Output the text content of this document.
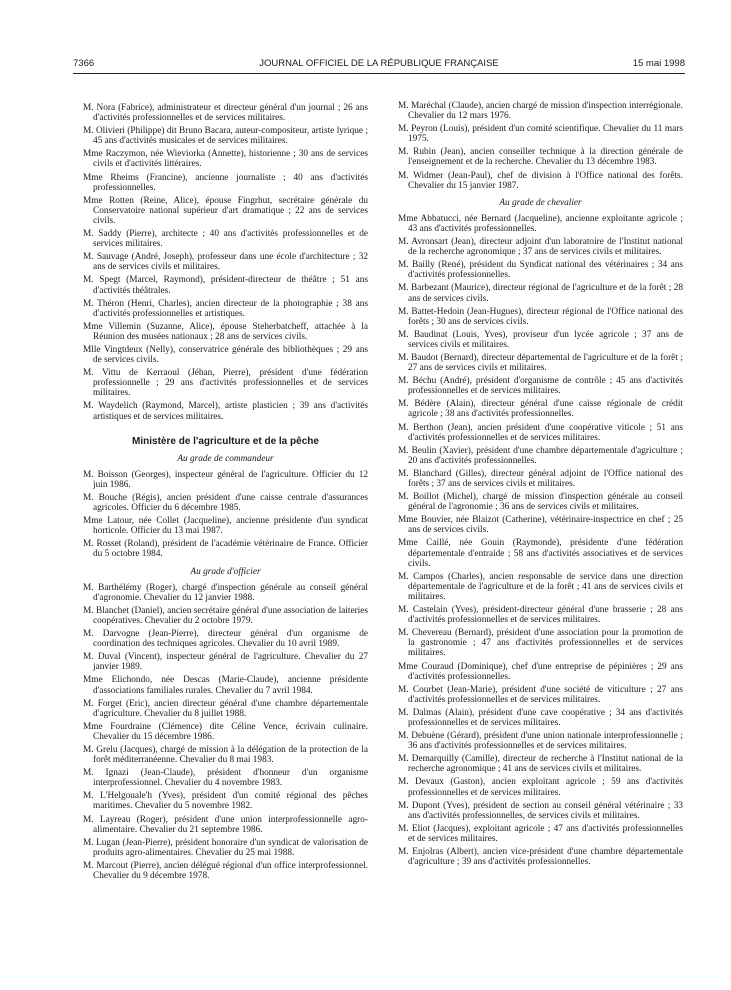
7366	JOURNAL OFFICIEL DE LA RÉPUBLIQUE FRANÇAISE	15 mai 1998

M. Nora (Fabrice), administrateur et directeur général d'un journal ; 26 ans d'activités professionnelles et de services militaires.

M. Olivieri (Philippe) dit Bruno Bacara, auteur-compositeur, artiste lyrique ; 45 ans d'activités musicales et de services militaires.

Mme Raczymon, née Wieviorka (Annette), historienne ; 30 ans de services civils et d'activités littéraires.

Mme Rheims (Francine), ancienne journaliste ; 40 ans d'activités professionnelles.

Mme Rotten (Reine, Alice), épouse Fingrhut, secrétaire générale du Conservatoire national supérieur d'art dramatique ; 22 ans de services civils.

M. Saddy (Pierre), architecte ; 40 ans d'activités professionnelles et de services militaires.

M. Sauvage (André, Joseph), professeur dans une école d'architecture ; 32 ans de services civils et militaires.

M. Spegt (Marcel, Raymond), président-directeur de théâtre ; 51 ans d'activités théâtrales.

M. Théron (Henri, Charles), ancien directeur de la photographie ; 38 ans d'activités professionnelles et artistiques.

Mme Villemin (Suzanne, Alice), épouse Steherbatcheff, attachée à la Réunion des musées nationaux ; 28 ans de services civils.

Mlle Vingtdeux (Nelly), conservatrice générale des bibliothèques ; 29 ans de services civils.

M. Vittu de Kerraoul (Jéhan, Pierre), président d'une fédération professionnelle ; 29 ans d'activités professionnelles et de services militaires.

M. Waydelich (Raymond, Marcel), artiste plasticien ; 39 ans d'activités artistiques et de services militaires.

Ministère de l'agriculture et de la pêche
Au grade de commandeur

M. Boisson (Georges), inspecteur général de l'agriculture. Officier du 12 juin 1986.

M. Bouche (Régis), ancien président d'une caisse centrale d'assurances agricoles. Officier du 6 décembre 1985.

Mme Latour, née Collet (Jacqueline), ancienne présidente d'un syndicat horticole. Officier du 13 mai 1987.

M. Rosset (Roland), président de l'académie vétérinaire de France. Officier du 5 octobre 1984.

Au grade d'officier

M. Barthélémy (Roger), chargé d'inspection générale au conseil général d'agronomie. Chevalier du 12 janvier 1988.

M. Blanchet (Daniel), ancien secrétaire général d'une association de laiteries coopératives. Chevalier du 2 octobre 1979.

M. Darvogne (Jean-Pierre), directeur général d'un organisme de coordination des techniques agricoles. Chevalier du 10 avril 1989.

M. Duval (Vincent), inspecteur général de l'agriculture. Chevalier du 27 janvier 1989.

Mme Elichondo, née Descas (Marie-Claude), ancienne présidente d'associations familiales rurales. Chevalier du 7 avril 1984.

M. Forget (Eric), ancien directeur général d'une chambre départementale d'agriculture. Chevalier du 8 juillet 1988.

Mme Fourdraine (Clémence) dite Céline Vence, écrivain culinaire. Chevalier du 15 décembre 1986.

M. Grelu (Jacques), chargé de mission à la délégation de la protection de la forêt méditerranéenne. Chevalier du 8 mai 1983.

M. Ignazi (Jean-Claude), président d'honneur d'un organisme interprofessionnel. Chevalier du 4 novembre 1983.

M. L'Helgouale'h (Yves), président d'un comité régional des pêches maritimes. Chevalier du 5 novembre 1982.

M. Layreau (Roger), président d'une union interprofessionnelle agro-alimentaire. Chevalier du 21 septembre 1986.

M. Lugan (Jean-Pierre), président honoraire d'un syndicat de valorisation de produits agro-alimentaires. Chevalier du 25 mai 1988.

M. Marcout (Pierre), ancien délégué régional d'un office interprofessionnel. Chevalier du 9 décembre 1978.

M. Maréchal (Claude), ancien chargé de mission d'inspection interrégionale. Chevalier du 12 mars 1976.

M. Peyron (Louis), président d'un comité scientifique. Chevalier du 11 mars 1975.

M. Rubin (Jean), ancien conseiller technique à la direction générale de l'enseignement et de la recherche. Chevalier du 13 décembre 1983.

M. Widmer (Jean-Paul), chef de division à l'Office national des forêts. Chevalier du 15 janvier 1987.

Au grade de chevalier

Mme Abbatucci, née Bernard (Jacqueline), ancienne exploitante agricole ; 43 ans d'activités professionnelles.

M. Avronsart (Jean), directeur adjoint d'un laboratoire de l'Institut national de la recherche agronomique ; 37 ans de services civils et militaires.

M. Bailly (René), président du Syndicat national des vétérinaires ; 34 ans d'activités professionnelles.

M. Barbezant (Maurice), directeur régional de l'agriculture et de la forêt ; 28 ans de services civils.

M. Battet-Hedoin (Jean-Hugues), directeur régional de l'Office national des forêts ; 30 ans de services civils.

M. Baudinat (Louis, Yves), proviseur d'un lycée agricole ; 37 ans de services civils et militaires.

M. Baudot (Bernard), directeur départemental de l'agriculture et de la forêt ; 27 ans de services civils et militaires.

M. Béchu (André), président d'organisme de contrôle ; 45 ans d'activités professionnelles et de services militaires.

M. Bédère (Alain), directeur général d'une caisse régionale de crédit agricole ; 38 ans d'activités professionnelles.

M. Berthon (Jean), ancien président d'une coopérative viticole ; 51 ans d'activités professionnelles et de services militaires.

M. Beulin (Xavier), président d'une chambre départementale d'agriculture ; 20 ans d'activités professionnelles.

M. Blanchard (Gilles), directeur général adjoint de l'Office national des forêts ; 37 ans de services civils et militaires.

M. Boillot (Michel), chargé de mission d'inspection générale au conseil général de l'agronomie ; 36 ans de services civils et militaires.

Mme Bouvier, née Blaizot (Catherine), vétérinaire-inspectrice en chef ; 25 ans de services civils.

Mme Caillé, née Gouin (Raymonde), présidente d'une fédération départementale d'entraide ; 58 ans d'activités associatives et de services civils.

M. Campos (Charles), ancien responsable de service dans une direction départementale de l'agriculture et de la forêt ; 41 ans de services civils et militaires.

M. Castelain (Yves), président-directeur général d'une brasserie ; 28 ans d'activités professionnelles et de services militaires.

M. Chevereau (Bernard), président d'une association pour la promotion de la gastronomie ; 47 ans d'activités professionnelles et de services militaires.

Mme Couraud (Dominique), chef d'une entreprise de pépinières ; 29 ans d'activités professionnelles.

M. Courbet (Jean-Marie), président d'une société de viticulture ; 27 ans d'activités professionnelles et de services militaires.

M. Dalmas (Alain), président d'une cave coopérative ; 34 ans d'activités professionnelles et de services militaires.

M. Debuène (Gérard), président d'une union nationale interprofessionnelle ; 36 ans d'activités professionnelles et de services militaires.

M. Demarquilly (Camille), directeur de recherche à l'Institut national de la recherche agronomique ; 41 ans de services civils et militaires.

M. Devaux (Gaston), ancien exploitant agricole ; 59 ans d'activités professionnelles et de services militaires.

M. Dupont (Yves), président de section au conseil général vétérinaire ; 33 ans d'activités professionnelles, de services civils et militaires.

M. Eliot (Jacques), exploitant agricole ; 47 ans d'activités professionnelles et de services militaires.

M. Enjolras (Albert), ancien vice-président d'une chambre départementale d'agriculture ; 39 ans d'activités professionnelles.
